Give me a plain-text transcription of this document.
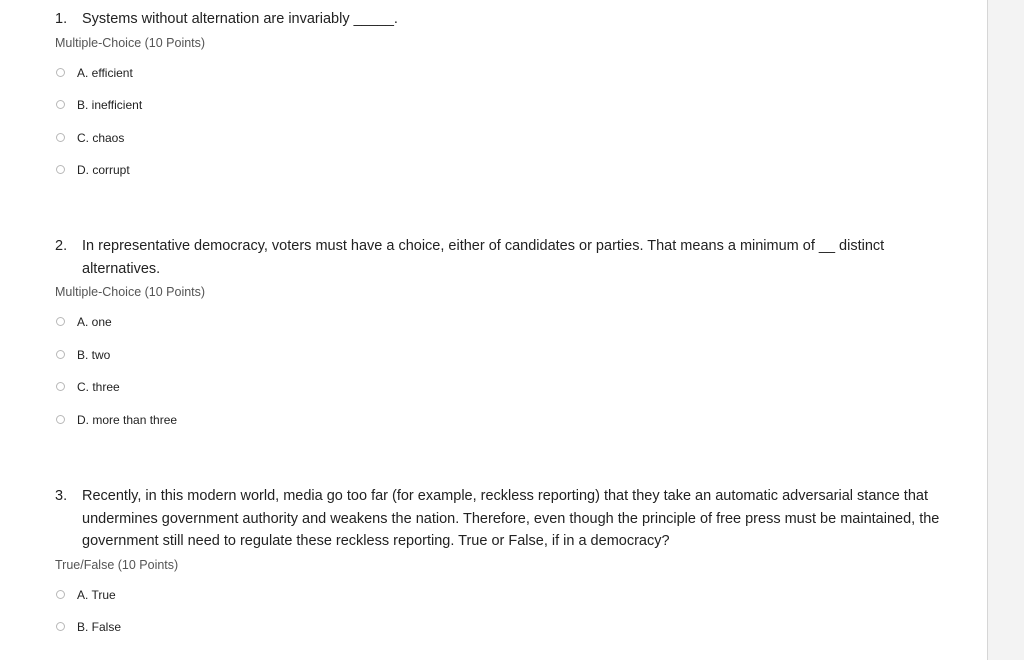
1. Systems without alternation are invariably _____.
Multiple-Choice (10 Points)
A. efficient
B. inefficient
C. chaos
D. corrupt
2. In representative democracy, voters must have a choice, either of candidates or parties. That means a minimum of __ distinct alternatives.
Multiple-Choice (10 Points)
A. one
B. two
C. three
D. more than three
3. Recently, in this modern world, media go too far (for example, reckless reporting) that they take an automatic adversarial stance that undermines government authority and weakens the nation. Therefore, even though the principle of free press must be maintained, the government still need to regulate these reckless reporting. True or False, if in a democracy?
True/False (10 Points)
A. True
B. False
